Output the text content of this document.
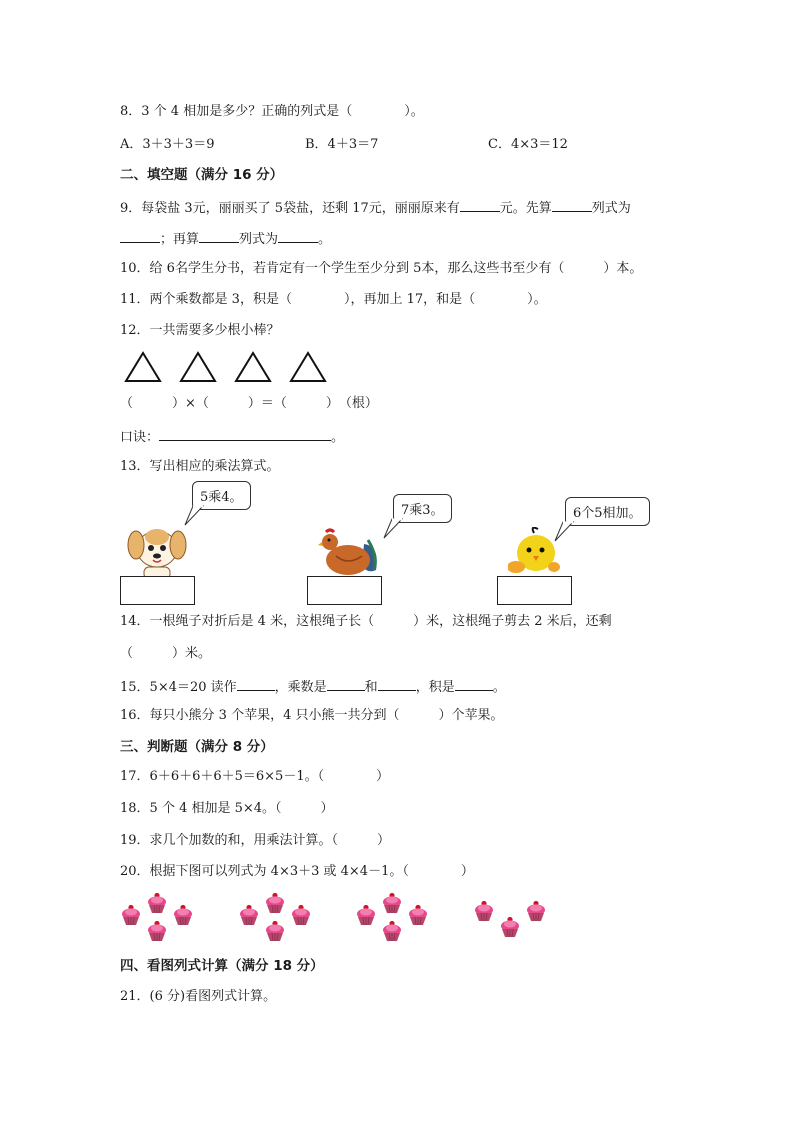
8．3 个 4 相加是多少？正确的列式是（　　　　）。
A．3＋3＋3＝9	B．4＋3＝7	C．4×3＝12
二、填空题（满分 16 分）
9．每袋盐 3元，丽丽买了 5袋盐，还剩 17元，丽丽原来有	元。先算	列式为
；再算	列式为	。
10．给 6名学生分书，若肯定有一个学生至少分到 5本，那么这些书至少有（　　　）本。
11．两个乘数都是 3，积是（　　　　），再加上 17，和是（　　　　）。
12．一共需要多少根小棒？
（　　　）×（　　　）＝（　　　）　（根）
口诀：	。
13．写出相应的乘法算式。
5乘4。
7乘3。	6个5相加。
14．一根绳子对折后是 4 米，这根绳子长（　　　）米，这根绳子剪去 2 米后，还剩
（　　　）米。
15．5×4＝20 读作	，乘数是	和	，积是	。
16．每只小熊分 3 个苹果，4 只小熊一共分到（　　　）个苹果。
三、判断题（满分 8 分）
17．6＋6＋6＋6＋5＝6×5－1。（　　　　）
18．5 个 4 相加是 5×4。（　　　）
19．求几个加数的和，用乘法计算。（　　　）
20．根据下图可以列式为 4×3＋3 或 4×4－1。（　　　　）
四、看图列式计算（满分 18 分）
21．(6 分)看图列式计算。
